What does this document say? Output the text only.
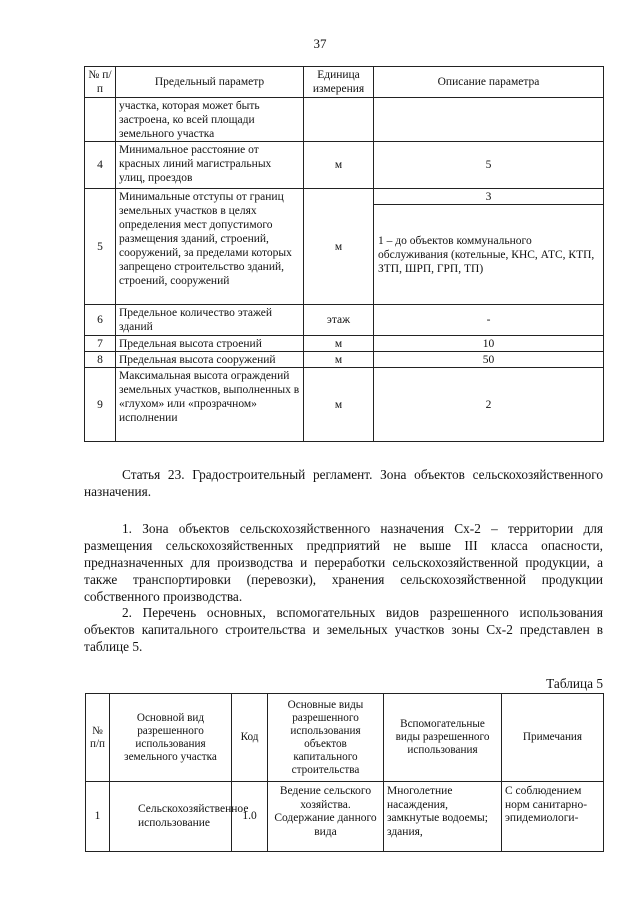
37
№ п/п	Предельный параметр	Единица измерения	Описание параметра
	участка, которая может быть застроена, ко всей площади земельного участка		
4	Минимальное расстояние от красных линий магистральных улиц, проездов	м	5
5	Минимальные отступы от границ земельных участков в целях определения мест допустимого размещения зданий, строений, сооружений, за пределами которых запрещено строительство зданий, строений, сооружений	м	3
			1 – до объектов коммунального обслуживания (котельные, КНС, АТС, КТП, ЗТП, ШРП, ГРП, ТП)
6	Предельное количество этажей зданий	этаж	-
7	Предельная высота строений	м	10
8	Предельная высота сооружений	м	50
9	Максимальная высота ограждений земельных участков, выполненных в «глухом» или «прозрачном» исполнении	м	2

Статья 23. Градостроительный регламент. Зона объектов сельскохозяйственного назначения.

1. Зона объектов сельскохозяйственного назначения Сх-2 – территории для размещения сельскохозяйственных предприятий не выше III класса опасности, предназначенных для производства и переработки сельскохозяйственной продукции, а также транспортировки (перевозки), хранения сельскохозяйственной продукции собственного производства.

2. Перечень основных, вспомогательных видов разрешенного использования объектов капитального строительства и земельных участков зоны Сх-2 представлен в таблице 5.

Таблица 5
№ п/п	Основной вид разрешенного использования земельного участка	Код	Основные виды разрешенного использования объектов капитального строительства	Вспомогательные виды разрешенного использования	Примечания
1	Сельскохозяйственное использование	1.0	Ведение сельского хозяйства. Содержание данного вида	Многолетние насаждения, замкнутые водоемы; здания,	С соблюдением норм санитарно-эпидемиологи-
